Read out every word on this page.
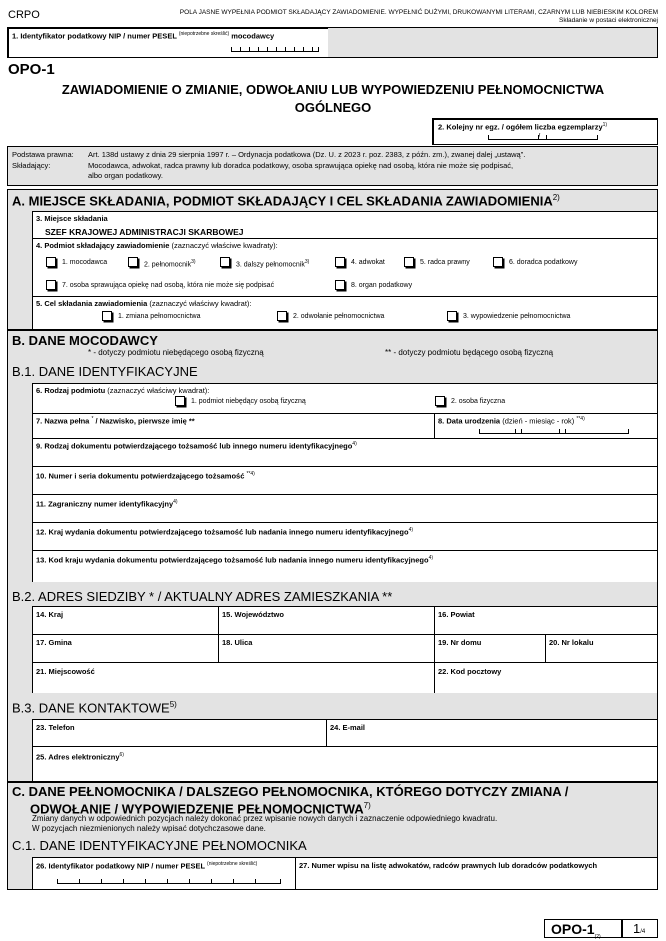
CRPO	POLA JASNE WYPEŁNIA PODMIOT SKŁADAJĄCY ZAWIADOMIENIE. WYPEŁNIĆ DUŻYMI, DRUKOWANYMI LITERAMI, CZARNYM LUB NIEBIESKIM KOLOREM
Składanie w postaci elektronicznej
1. Identyfikator podatkowy NIP / numer PESEL $^{(niepotrzebne skreślić)}$ mocodawcy
OPO-1
ZAWIADOMIENIE O ZMIANIE, ODWOŁANIU LUB WYPOWIEDZENIU PEŁNOMOCNICTWA
OGÓLNEGO
2. Kolejny nr egz. / ogółem liczba egzemplarzy$^{1)}$
/
Podstawa prawna: Art. 138d ustawy z dnia 29 sierpnia 1997 r. – Ordynacja podatkowa (Dz. U. z 2023 r. poz. 2383, z późn. zm.), zwanej dalej „ustawą”.
Składający:	Mocodawca, adwokat, radca prawny lub doradca podatkowy, osoba sprawująca opiekę nad osobą, która nie może się podpisać,
albo organ podatkowy.
A. MIEJSCE SKŁADANIA, PODMIOT SKŁADAJĄCY I CEL SKŁADANIA ZAWIADOMIENIA$^{2)}$
3. Miejsce składania
SZEF KRAJOWEJ ADMINISTRACJI SKARBOWEJ
4. Podmiot składający zawiadomienie (zaznaczyć właściwe kwadraty):
1. mocodawca	2. pełnomocnik$^{3)}$	3. dalszy pełnomocnik$^{3)}$	4. adwokat	5. radca prawny	6. doradca podatkowy
7. osoba sprawująca opiekę nad osobą, która nie może się podpisać	8. organ podatkowy
5. Cel składania zawiadomienia (zaznaczyć właściwy kwadrat):
1. zmiana pełnomocnictwa	2. odwołanie pełnomocnictwa	3. wypowiedzenie pełnomocnictwa
B. DANE MOCODAWCY
* - dotyczy podmiotu niebędącego osobą fizyczną	** - dotyczy podmiotu będącego osobą fizyczną
B.1. DANE IDENTYFIKACYJNE
6. Rodzaj podmiotu (zaznaczyć właściwy kwadrat):
1. podmiot niebędący osobą fizyczną	2. osoba fizyczna
7. Nazwa pełna * / Nazwisko, pierwsze imię **	8. Data urodzenia (dzień - miesiąc - rok) $^{**4)}$
9. Rodzaj dokumentu potwierdzającego tożsamość lub innego numeru identyfikacyjnego$^{4)}$
10. Numer i seria dokumentu potwierdzającego tożsamość $^{**4)}$
11. Zagraniczny numer identyfikacyjny$^{4)}$
12. Kraj wydania dokumentu potwierdzającego tożsamość lub nadania innego numeru identyfikacyjnego$^{4)}$
13. Kod kraju wydania dokumentu potwierdzającego tożsamość lub nadania innego numeru identyfikacyjnego$^{4)}$
B.2. ADRES SIEDZIBY * / AKTUALNY ADRES ZAMIESZKANIA **
14. Kraj	15. Województwo	16. Powiat
17. Gmina	18. Ulica	19. Nr domu	20. Nr lokalu
21. Miejscowość	22. Kod pocztowy
B.3. DANE KONTAKTOWE$^{5)}$
23. Telefon	24. E-mail
25. Adres elektroniczny$^{6)}$
C. DANE PEŁNOMOCNIKA / DALSZEGO PEŁNOMOCNIKA, KTÓREGO DOTYCZY ZMIANA /
ODWOŁANIE / WYPOWIEDZENIE PEŁNOMOCNICTWA$^{7)}$
Zmiany danych w odpowiednich pozycjach należy dokonać przez wpisanie nowych danych i zaznaczenie odpowiedniego kwadratu.
W pozycjach niezmienionych należy wpisać dotychczasowe dane.
C.1. DANE IDENTYFIKACYJNE PEŁNOMOCNIKA
26. Identyfikator podatkowy NIP / numer PESEL $^{(niepotrzebne skreślić)}$	27. Numer wpisu na listę adwokatów, radców prawnych lub doradców podatkowych
OPO-$1_{(2)}$
1/4
